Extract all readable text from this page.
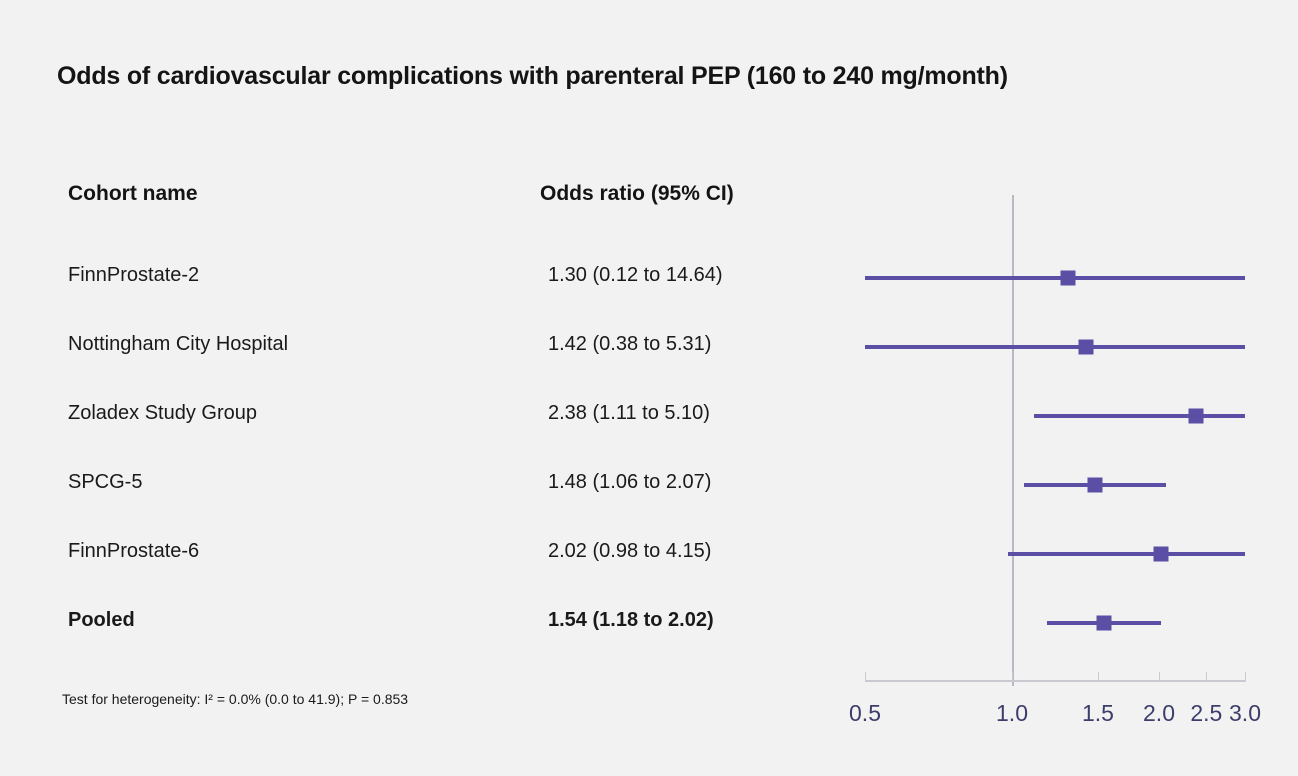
Odds of cardiovascular complications with parenteral PEP (160 to 240 mg/month)
Cohort name	Odds ratio (95% CI)
FinnProstate-2	1.30 (0.12 to 14.64)
Nottingham City Hospital	1.42 (0.38 to 5.31)
Zoladex Study Group	2.38 (1.11 to 5.10)
SPCG-5	1.48 (1.06 to 2.07)
FinnProstate-6	2.02 (0.98 to 4.15)
Pooled	1.54 (1.18 to 2.02)
Test for heterogeneity: I² = 0.0% (0.0 to 41.9); P = 0.853
0.5	1.0 1.5 2.0 2.5 3.0
